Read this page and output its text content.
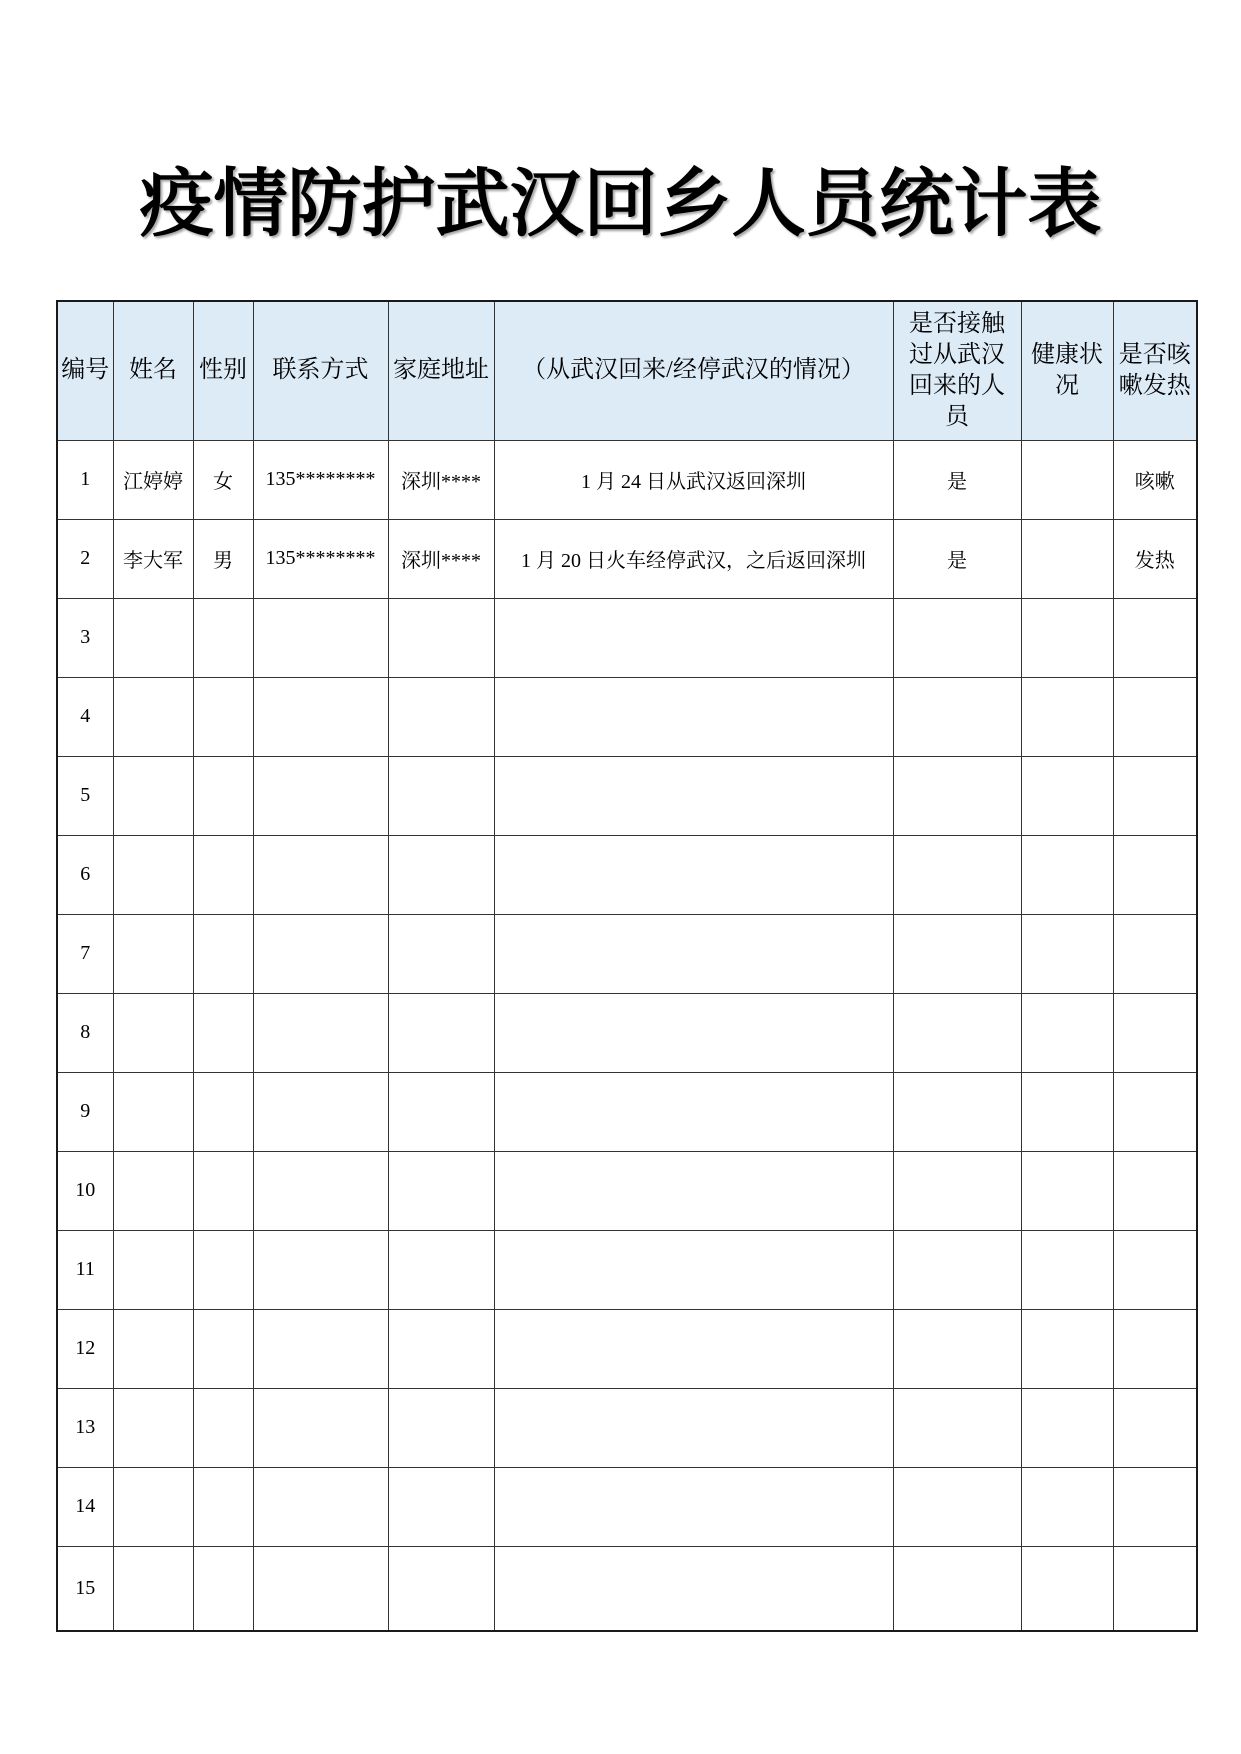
疫情防护武汉回乡人员统计表
编号	姓名	性别	联系方式	家庭地址	（从武汉回来/经停武汉的情况）	是否接触过从武汉回来的人员	健康状况	是否咳嗽发热
1	江婷婷	女	135********	深圳****	1 月 24 日从武汉返回深圳	是		咳嗽
2	李大军	男	135********	深圳****	1 月 20 日火车经停武汉，之后返回深圳	是		发热
3								
4								
5								
6								
7								
8								
9								
10								
11								
12								
13								
14								
15								
